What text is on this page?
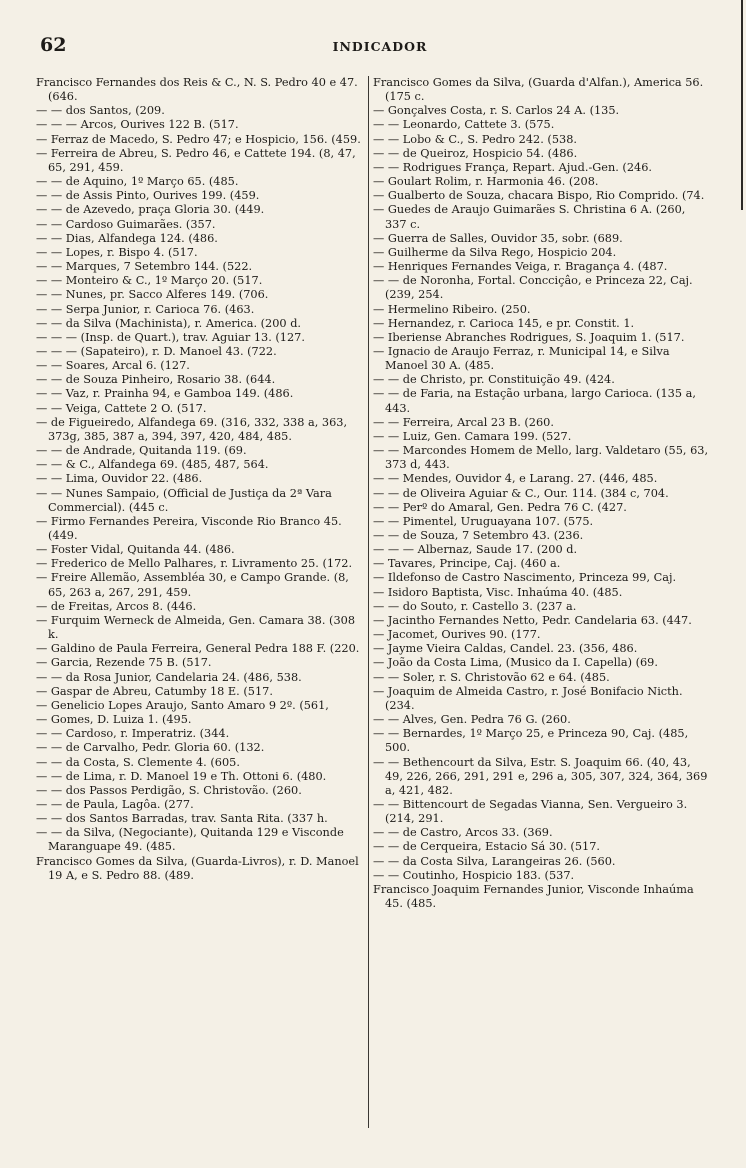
62	INDICADOR
Francisco Fernandes dos Reis & C., N. S. Pedro 40 e 47. (646.
— — dos Santos, (209.
— — — Arcos, Ourives 122 B. (517.
— Ferraz de Macedo, S. Pedro 47; e Hospicio, 156. (459.
— Ferreira de Abreu, S. Pedro 46, e Cattete 194. (8, 47, 65, 291, 459.
— — de Aquino, 1º Março 65. (485.
— — de Assis Pinto, Ourives 199. (459.
— — de Azevedo, praça Gloria 30. (449.
— — Cardoso Guimarães. (357.
— — Dias, Alfandega 124. (486.
— — Lopes, r. Bispo 4. (517.
— — Marques, 7 Setembro 144. (522.
— — Monteiro & C., 1º Março 20. (517.
— — Nunes, pr. Sacco Alferes 149. (706.
— — Serpa Junior, r. Carioca 76. (463.
— — da Silva (Machinista), r. America. (200 d.
— — — (Insp. de Quart.), trav. Aguiar 13. (127.
— — — (Sapateiro), r. D. Manoel 43. (722.
— — Soares, Arcal 6. (127.
— — de Souza Pinheiro, Rosario 38. (644.
— — Vaz, r. Prainha 94, e Gamboa 149. (486.
— — Veiga, Cattete 2 O. (517.
— de Figueiredo, Alfandega 69. (316, 332, 338 a, 363, 373g, 385, 387 a, 394, 397, 420, 484, 485.
— — de Andrade, Quitanda 119. (69.
— — & C., Alfandega 69. (485, 487, 564.
— — Lima, Ouvidor 22. (486.
— — Nunes Sampaio, (Official de Justiça da 2ª Vara Commercial). (445 c.
— Firmo Fernandes Pereira, Visconde Rio Branco 45. (449.
— Foster Vidal, Quitanda 44. (486.
— Frederico de Mello Palhares, r. Livramento 25. (172.
— Freire Allemão, Assembléa 30, e Campo Grande. (8, 65, 263 a, 267, 291, 459.
— de Freitas, Arcos 8. (446.
— Furquim Werneck de Almeida, Gen. Camara 38. (308 k.
— Galdino de Paula Ferreira, General Pedra 188 F. (220.
— Garcia, Rezende 75 B. (517.
— — da Rosa Junior, Candelaria 24. (486, 538.
— Gaspar de Abreu, Catumby 18 E. (517.
— Genelicio Lopes Araujo, Santo Amaro 9 2º. (561,
— Gomes, D. Luiza 1. (495.
— — Cardoso, r. Imperatriz. (344.
— — de Carvalho, Pedr. Gloria 60. (132.
— — da Costa, S. Clemente 4. (605.
— — de Lima, r. D. Manoel 19 e Th. Ottoni 6. (480.
— — dos Passos Perdigão, S. Christovão. (260.
— — de Paula, Lagôa. (277.
— — dos Santos Barradas, trav. Santa Rita. (337 h.
— — da Silva, (Negociante), Quitanda 129 e Visconde Maranguape 49. (485.
Francisco Gomes da Silva, (Guarda-Livros), r. D. Manoel 19 A, e S. Pedro 88. (489.
Francisco Gomes da Silva, (Guarda d'Alfan.), America 56. (175 c.
— Gonçalves Costa, r. S. Carlos 24 A. (135.
— — Leonardo, Cattete 3. (575.
— — Lobo & C., S. Pedro 242. (538.
— — de Queiroz, Hospicio 54. (486.
— — Rodrigues França, Repart. Ajud.-Gen. (246.
— Goulart Rolim, r. Harmonia 46. (208.
— Gualberto de Souza, chacara Bispo, Rio Comprido. (74.
— Guedes de Araujo Guimarães S. Christina 6 A. (260, 337 c.
— Guerra de Salles, Ouvidor 35, sobr. (689.
— Guilherme da Silva Rego, Hospicio 204.
— Henriques Fernandes Veiga, r. Bragança 4. (487.
— — de Noronha, Fortal. Concciçâo, e Princeza 22, Caj. (239, 254.
— Hermelino Ribeiro. (250.
— Hernandez, r. Carioca 145, e pr. Constit. 1.
— Iberiense Abranches Rodrigues, S. Joaquim 1. (517.
— Ignacio de Araujo Ferraz, r. Municipal 14, e Silva Manoel 30 A. (485.
— — de Christo, pr. Constituição 49. (424.
— — de Faria, na Estação urbana, largo Carioca. (135 a, 443.
— — Ferreira, Arcal 23 B. (260.
— — Luiz, Gen. Camara 199. (527.
— — Marcondes Homem de Mello, larg. Valdetaro (55, 63, 373 d, 443.
— — Mendes, Ouvidor 4, e Larang. 27. (446, 485.
— — de Oliveira Aguiar & C., Our. 114. (384 c, 704.
— — Perº do Amaral, Gen. Pedra 76 C. (427.
— — Pimentel, Uruguayana 107. (575.
— — de Souza, 7 Setembro 43. (236.
— — — Albernaz, Saude 17. (200 d.
— Tavares, Principe, Caj. (460 a.
— Ildefonso de Castro Nascimento, Princeza 99, Caj.
— Isidoro Baptista, Visc. Inhaúma 40. (485.
— — do Souto, r. Castello 3. (237 a.
— Jacintho Fernandes Netto, Pedr. Candelaria 63. (447.
— Jacomet, Ourives 90. (177.
— Jayme Vieira Caldas, Candel. 23. (356, 486.
— João da Costa Lima, (Musico da I. Capella) (69.
— — Soler, r. S. Christovão 62 e 64. (485.
— Joaquim de Almeida Castro, r. José Bonifacio Nicth. (234.
— — Alves, Gen. Pedra 76 G. (260.
— — Bernardes, 1º Março 25, e Princeza 90, Caj. (485, 500.
— — Bethencourt da Silva, Estr. S. Joaquim 66. (40, 43, 49, 226, 266, 291, 291 e, 296 a, 305, 307, 324, 364, 369 a, 421, 482.
— — Bittencourt de Segadas Vianna, Sen. Vergueiro 3. (214, 291.
— — de Castro, Arcos 33. (369.
— — de Cerqueira, Estacio Sá 30. (517.
— — da Costa Silva, Larangeiras 26. (560.
— — Coutinho, Hospicio 183. (537.
Francisco Joaquim Fernandes Junior, Visconde Inhaúma 45. (485.
